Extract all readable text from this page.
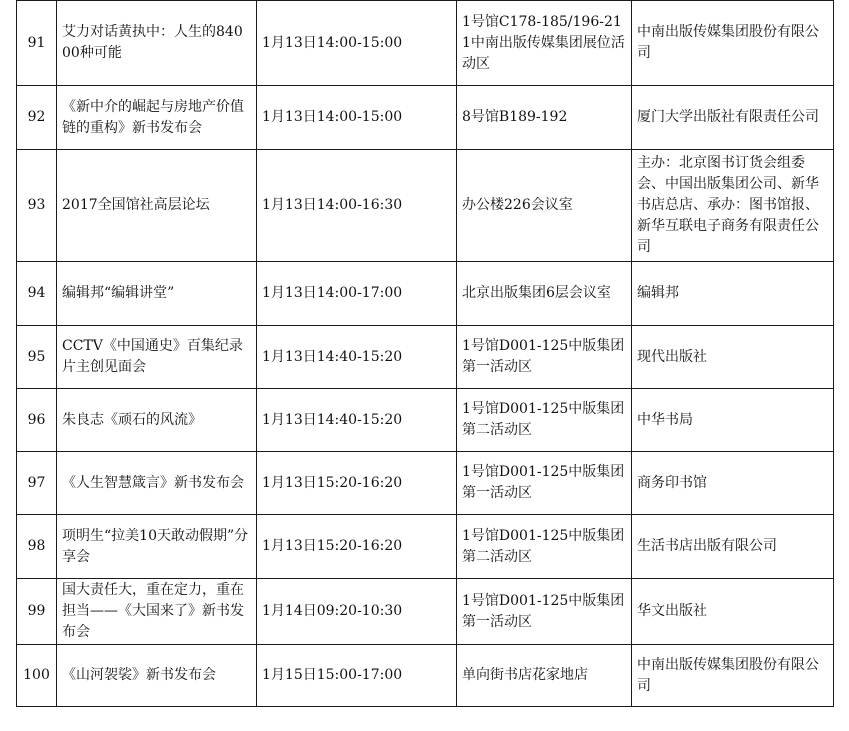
91	艾力对话黄执中：人生的84000种可能	1月13日14:00-15:00	1号馆C178-185/196-211中南出版传媒集团展位活动区	中南出版传媒集团股份有限公司
92	《新中介的崛起与房地产价值链的重构》新书发布会	1月13日14:00-15:00	8号馆B189-192	厦门大学出版社有限责任公司
93	2017全国馆社高层论坛	1月13日14:00-16:30	办公楼226会议室	主办：北京图书订货会组委会、中国出版集团公司、新华书店总店、承办：图书馆报、新华互联电子商务有限责任公司
94	编辑邦“编辑讲堂”	1月13日14:00-17:00	北京出版集团6层会议室	编辑邦
95	CCTV《中国通史》百集纪录片主创见面会	1月13日14:40-15:20	1号馆D001-125中版集团第一活动区	现代出版社
96	朱良志《顽石的风流》	1月13日14:40-15:20	1号馆D001-125中版集团第二活动区	中华书局
97	《人生智慧箴言》新书发布会	1月13日15:20-16:20	1号馆D001-125中版集团第一活动区	商务印书馆
98	项明生“拉美10天敢动假期”分享会	1月13日15:20-16:20	1号馆D001-125中版集团第二活动区	生活书店出版有限公司
99	国大责任大，重在定力，重在担当——《大国来了》新书发布会	1月14日09:20-10:30	1号馆D001-125中版集团第一活动区	华文出版社
100	《山河袈裟》新书发布会	1月15日15:00-17:00	单向街书店花家地店	中南出版传媒集团股份有限公司
